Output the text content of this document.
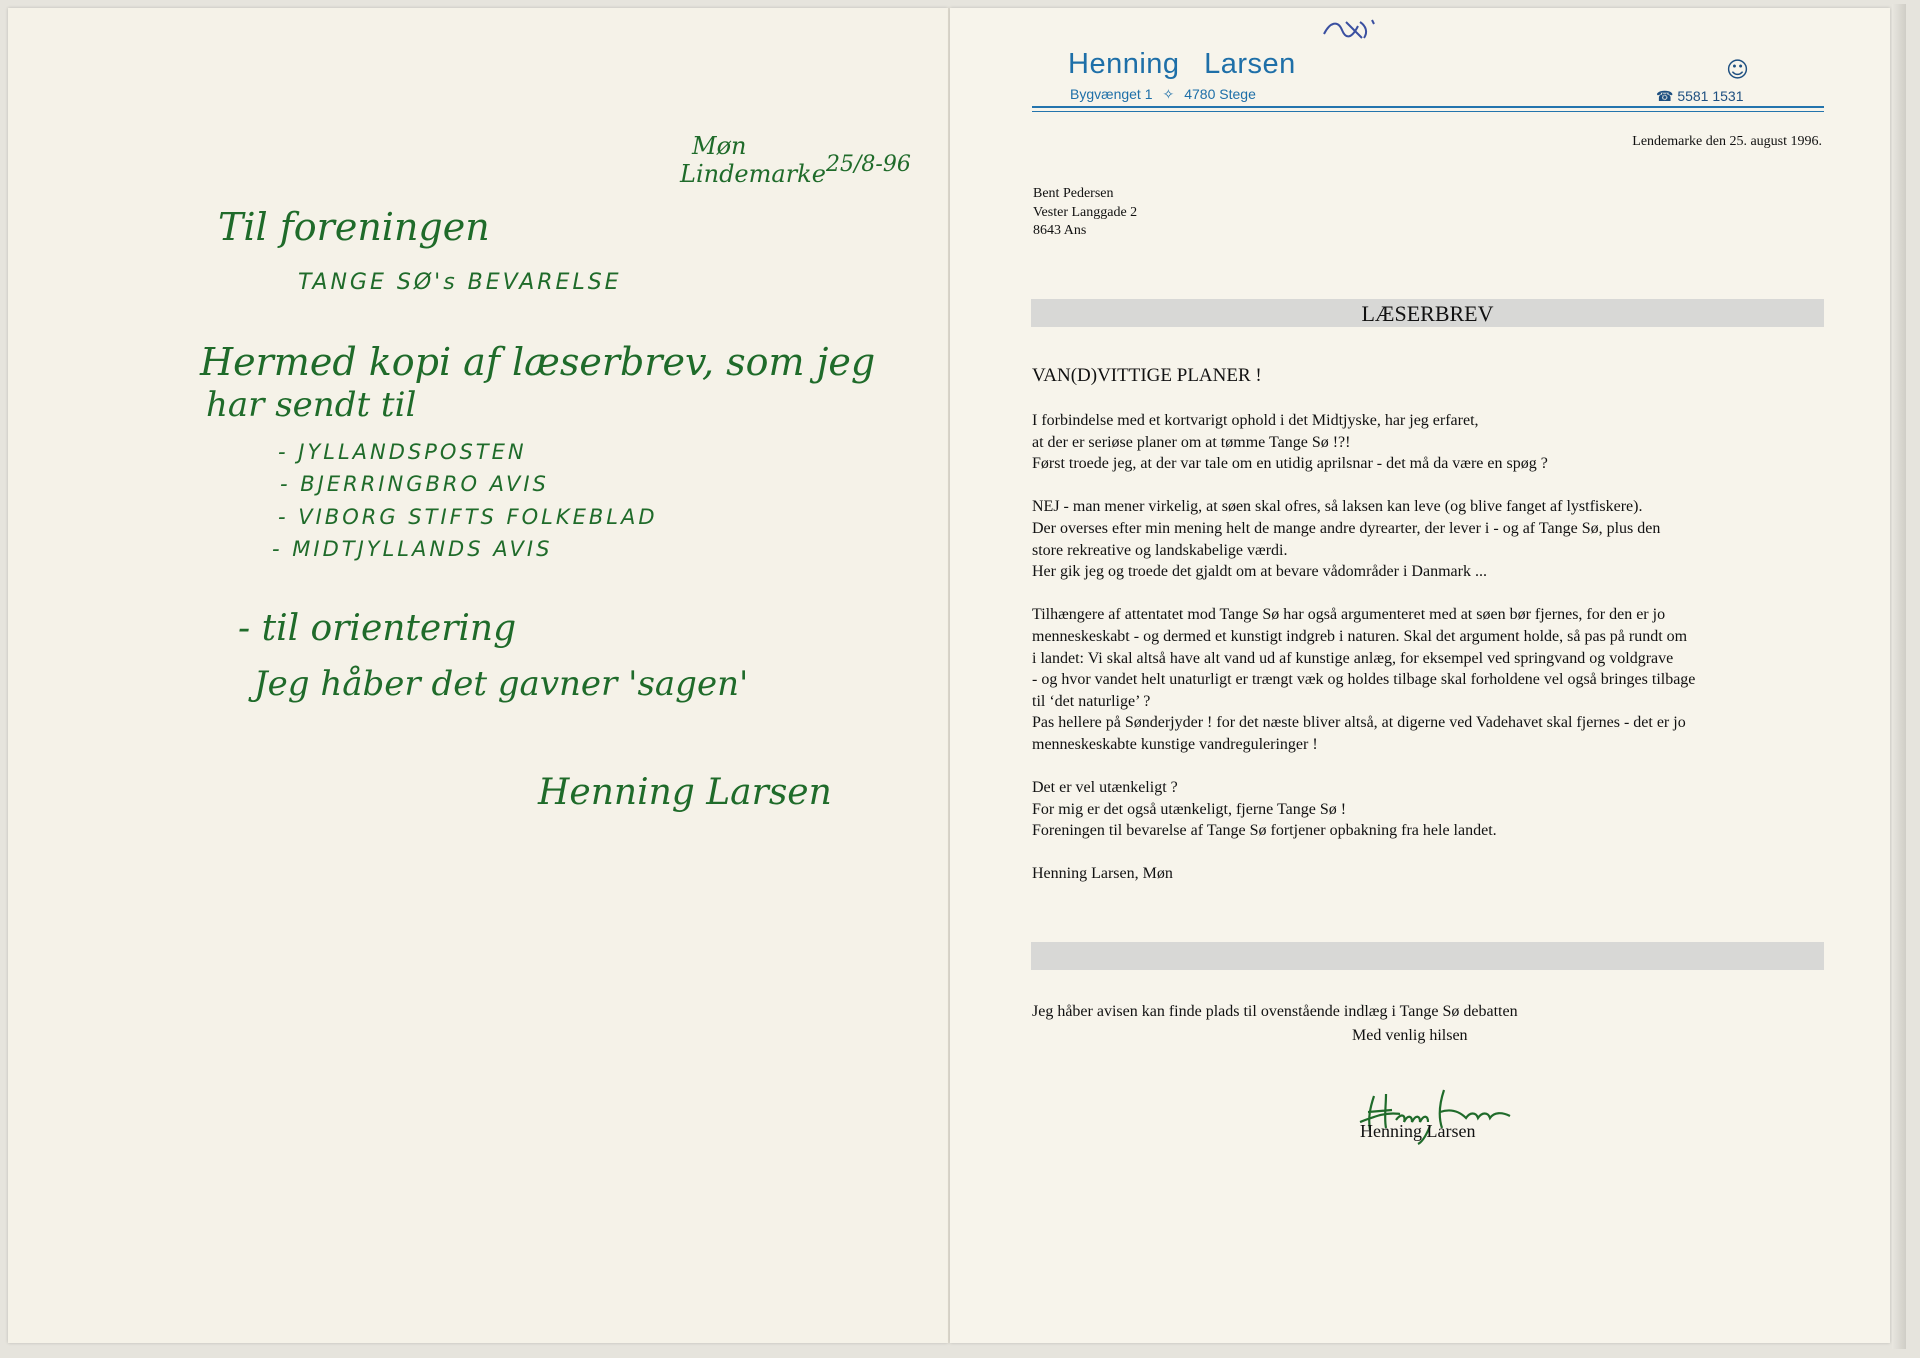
Møn
Lindemarke 25/8-96
Til foreningen
TANGE SØ's BEVARELSE
Hermed kopi af læserbrev, som jeg
har sendt til
- JYLLANDSPOSTEN
- BJERRINGBRO AVIS
- VIBORG STIFTS FOLKEBLAD
- MIDTJYLLANDS AVIS
- til orientering
Jeg håber det gavner 'sagen'
Henning Larsen
Henning Larsen
Bygvænget 1 ✧ 4780 Stege
☺
☎ 5581 1531
Lendemarke den 25. august 1996.
Bent Pedersen
Vester Langgade 2
8643 Ans
LÆSERBREV
VAN(D)VITTIGE PLANER !
I forbindelse med et kortvarigt ophold i det Midtjyske, har jeg erfaret,
at der er seriøse planer om at tømme Tange Sø !?!
Først troede jeg, at der var tale om en utidig aprilsnar - det må da være en spøg ?
NEJ - man mener virkelig, at søen skal ofres, så laksen kan leve (og blive fanget af lystfiskere).
Der overses efter min mening helt de mange andre dyrearter, der lever i - og af Tange Sø, plus den
store rekreative og landskabelige værdi.
Her gik jeg og troede det gjaldt om at bevare vådområder i Danmark ...
Tilhængere af attentatet mod Tange Sø har også argumenteret med at søen bør fjernes, for den er jo
menneskeskabt - og dermed et kunstigt indgreb i naturen. Skal det argument holde, så pas på rundt om
i landet: Vi skal altså have alt vand ud af kunstige anlæg, for eksempel ved springvand og voldgrave
- og hvor vandet helt unaturligt er trængt væk og holdes tilbage skal forholdene vel også bringes tilbage
til ‘det naturlige’ ?
Pas hellere på Sønderjyder ! for det næste bliver altså, at digerne ved Vadehavet skal fjernes - det er jo
menneskeskabte kunstige vandreguleringer !
Det er vel utænkeligt ?
For mig er det også utænkeligt, fjerne Tange Sø !
Foreningen til bevarelse af Tange Sø fortjener opbakning fra hele landet.
Henning Larsen, Møn
Jeg håber avisen kan finde plads til ovenstående indlæg i Tange Sø debatten
Med venlig hilsen
Henning Larsen
